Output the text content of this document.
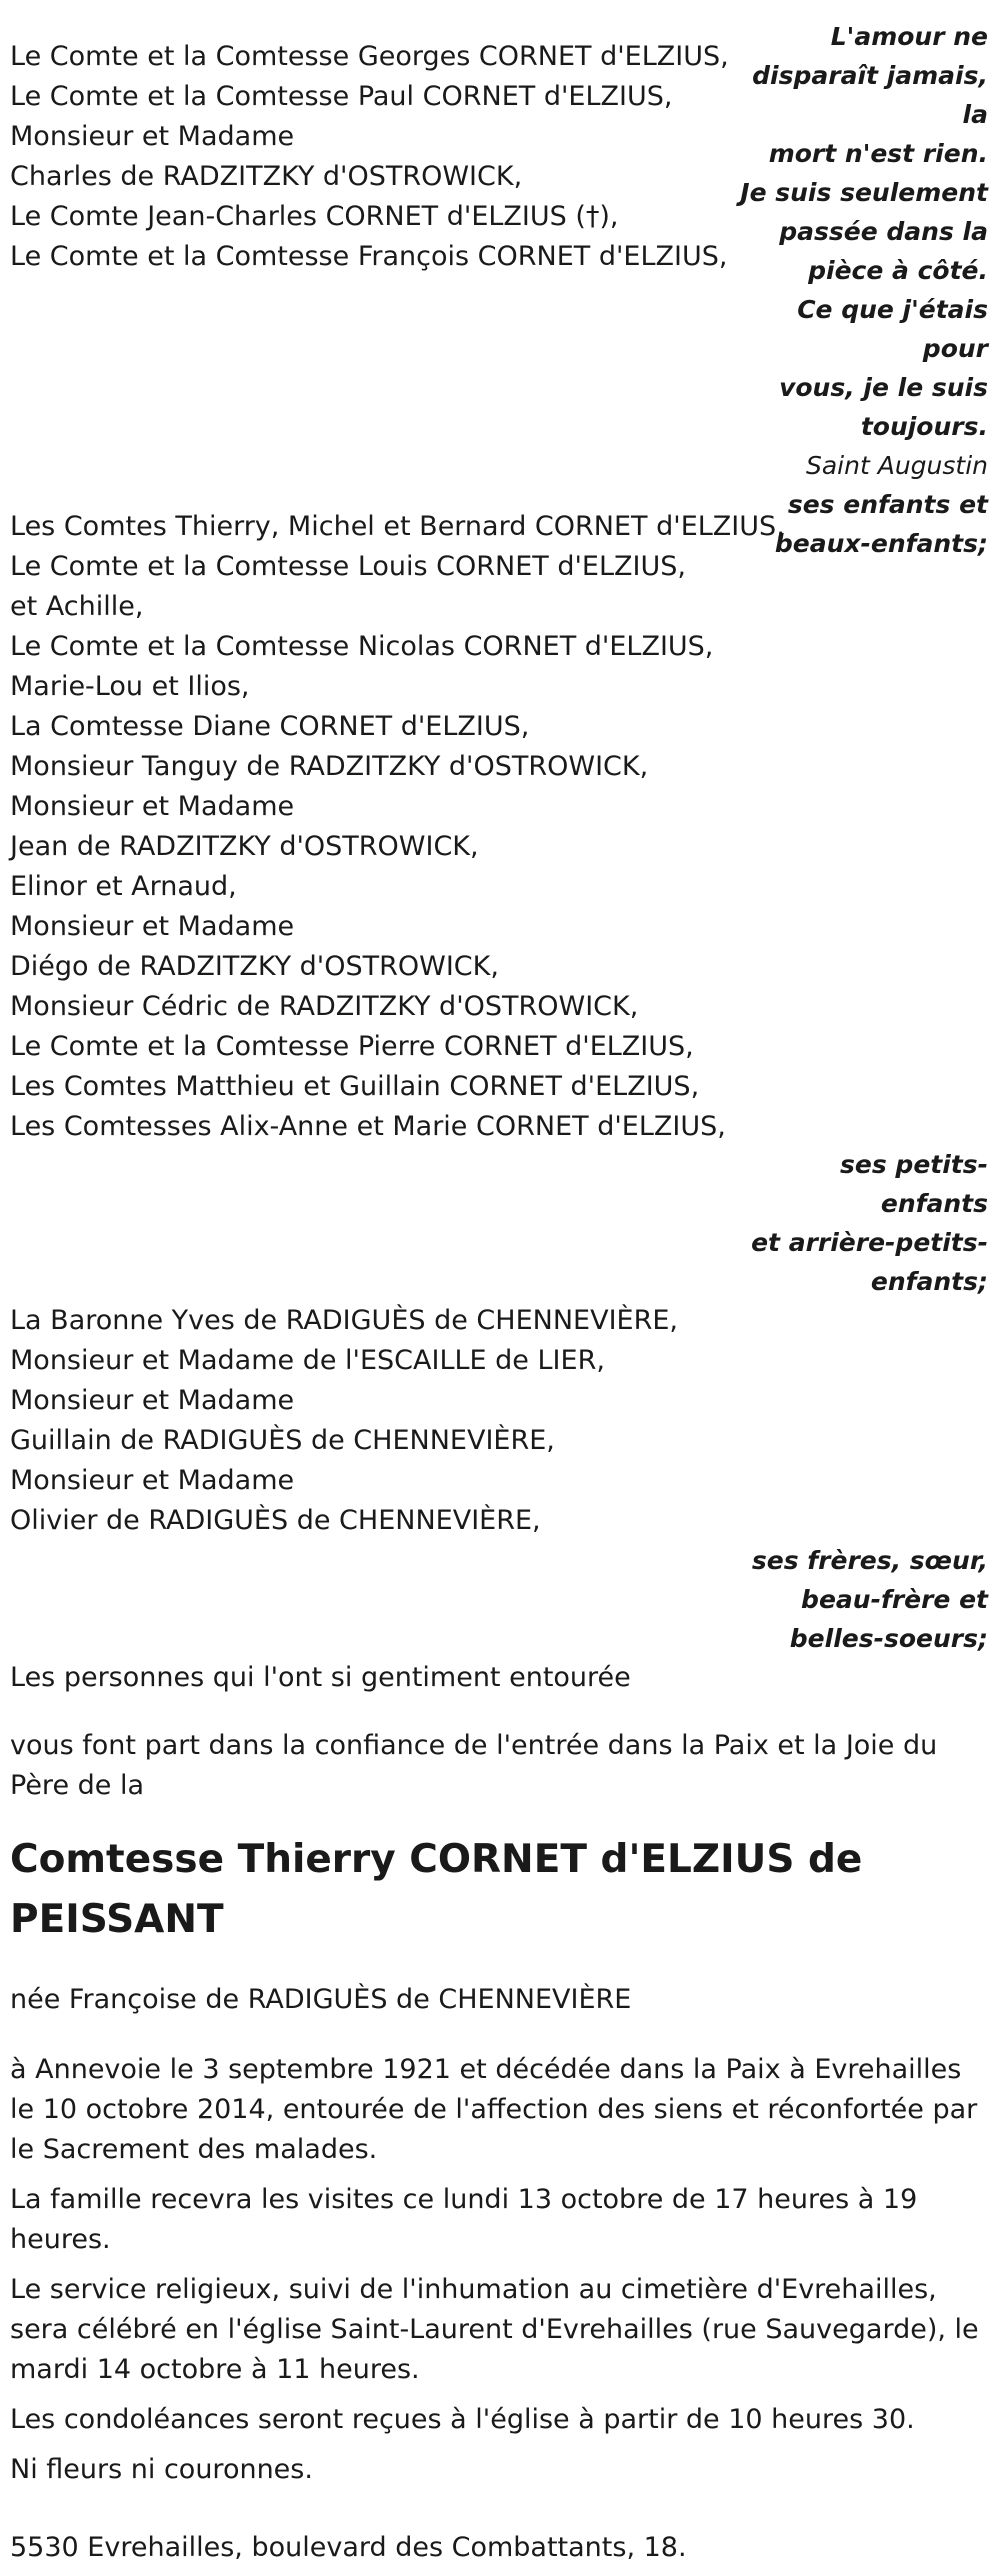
Le Comte et la Comtesse Georges CORNET d'ELZIUS,
Le Comte et la Comtesse Paul CORNET d'ELZIUS,
Monsieur et Madame
Charles de RADZITZKY d'OSTROWICK,
Le Comte Jean-Charles CORNET d'ELZIUS (†),
Le Comte et la Comtesse François CORNET d'ELZIUS,
L'amour ne
disparaît jamais, la
mort n'est rien.
Je suis seulement
passée dans la
pièce à côté.
Ce que j'étais pour
vous, je le suis
toujours.
Saint Augustin
ses enfants et
beaux-enfants;
Les Comtes Thierry, Michel et Bernard CORNET d'ELZIUS,
Le Comte et la Comtesse Louis CORNET d'ELZIUS,
et Achille,
Le Comte et la Comtesse Nicolas CORNET d'ELZIUS,
Marie-Lou et Ilios,
La Comtesse Diane CORNET d'ELZIUS,
Monsieur Tanguy de RADZITZKY d'OSTROWICK,
Monsieur et Madame
Jean de RADZITZKY d'OSTROWICK,
Elinor et Arnaud,
Monsieur et Madame
Diégo de RADZITZKY d'OSTROWICK,
Monsieur Cédric de RADZITZKY d'OSTROWICK,
Le Comte et la Comtesse Pierre CORNET d'ELZIUS,
Les Comtes Matthieu et Guillain CORNET d'ELZIUS,
Les Comtesses Alix-Anne et Marie CORNET d'ELZIUS,
ses petits-enfants
et arrière-petits-
enfants;
La Baronne Yves de RADIGUÈS de CHENNEVIÈRE,
Monsieur et Madame de l'ESCAILLE de LIER,
Monsieur et Madame
Guillain de RADIGUÈS de CHENNEVIÈRE,
Monsieur et Madame
Olivier de RADIGUÈS de CHENNEVIÈRE,
ses frères, sœur,
beau-frère et
belles-soeurs;
Les personnes qui l'ont si gentiment entourée
vous font part dans la confiance de l'entrée dans la Paix et la Joie du Père de la
Comtesse Thierry CORNET d'ELZIUS de PEISSANT
née Françoise de RADIGUÈS de CHENNEVIÈRE
à Annevoie le 3 septembre 1921 et décédée dans la Paix à Evrehailles le 10 octobre 2014, entourée de l'affection des siens et réconfortée par le Sacrement des malades.
La famille recevra les visites ce lundi 13 octobre de 17 heures à 19 heures.
Le service religieux, suivi de l'inhumation au cimetière d'Evrehailles, sera célébré en l'église Saint-Laurent d'Evrehailles (rue Sauvegarde), le mardi 14 octobre à 11 heures.
Les condoléances seront reçues à l'église à partir de 10 heures 30.
Ni fleurs ni couronnes.
5530 Evrehailles, boulevard des Combattants, 18.
